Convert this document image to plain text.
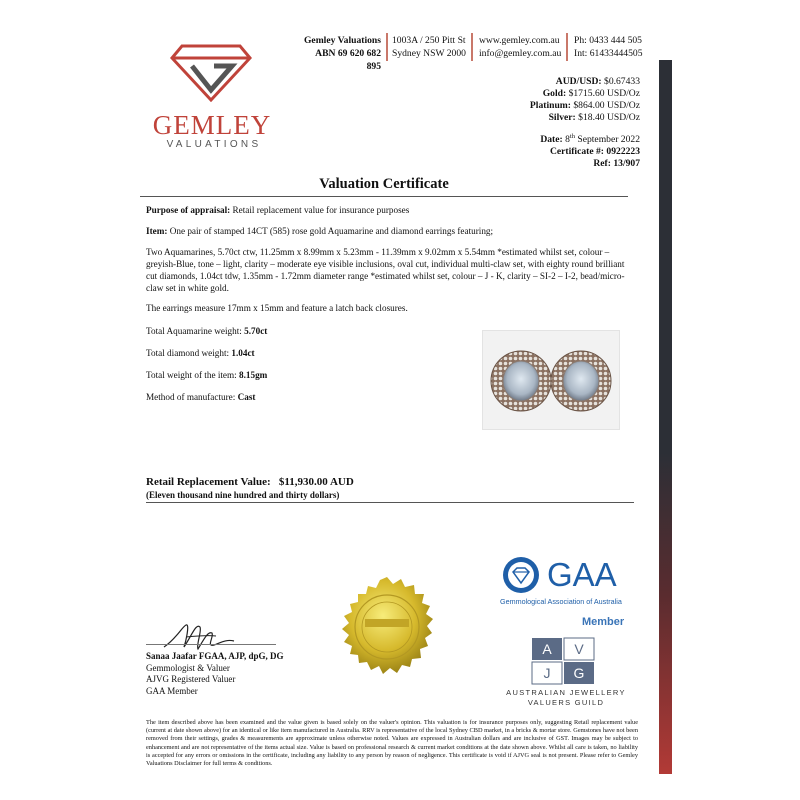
GEMLEY
VALUATIONS
Gemley Valuations
ABN 69 620 682 895
1003A / 250 Pitt St
Sydney NSW 2000
www.gemley.com.au
info@gemley.com.au
Ph: 0433 444 505
Int: 61433444505
AUD/USD: $0.67433
Gold: $1715.60 USD/Oz
Platinum: $864.00 USD/Oz
Silver: $18.40 USD/Oz
Date: 8th September 2022
Certificate #: 0922223
Ref: 13/907
Valuation Certificate
Purpose of appraisal: Retail replacement value for insurance purposes
Item: One pair of stamped 14CT (585) rose gold Aquamarine and diamond earrings featuring;
Two Aquamarines, 5.70ct ctw, 11.25mm x 8.99mm x 5.23mm - 11.39mm x 9.02mm x 5.54mm *estimated whilst set, colour – greyish-Blue, tone – light, clarity – moderate eye visible inclusions, oval cut, individual multi-claw set, with eighty round brilliant cut diamonds, 1.04ct tdw, 1.35mm - 1.72mm diameter range *estimated whilst set, colour – J - K, clarity – SI-2 – I-2, bead/micro-claw set in white gold.
The earrings measure 17mm x 15mm and feature a latch back closures.
Total Aquamarine weight: 5.70ct
Total diamond weight: 1.04ct
Total weight of the item: 8.15gm
Method of manufacture: Cast
Retail Replacement Value: $11,930.00 AUD
(Eleven thousand nine hundred and thirty dollars)
Sanaa Jaafar FGAA, AJP, dpG, DG
Gemmologist & Valuer
AJVG Registered Valuer
GAA Member
GAA
Gemmological Association of Australia
Member
A V
J G
AUSTRALIAN JEWELLERY
VALUERS GUILD
The item described above has been examined and the value given is based solely on the valuer's opinion. This valuation is for insurance purposes only, suggesting Retail replacement value (current at date shown above) for an identical or like item manufactured in Australia. RRV is representative of the local Sydney CBD market, in a bricks & mortar store. Gemstones have not been removed from their settings, grades & measurements are approximate unless otherwise noted. Values are expressed in Australian dollars and are inclusive of GST. Images may be subject to enhancement and are not representative of the items actual size. Value is based on professional research & current market conditions at the date shown above. Whilst all care is taken, no liability is accepted for any errors or omissions in the certificate, including any liability to any person by reason of negligence. This certificate is void if AJVG seal is not present. Please refer to Gemley Valuations Disclaimer for full terms & conditions.
